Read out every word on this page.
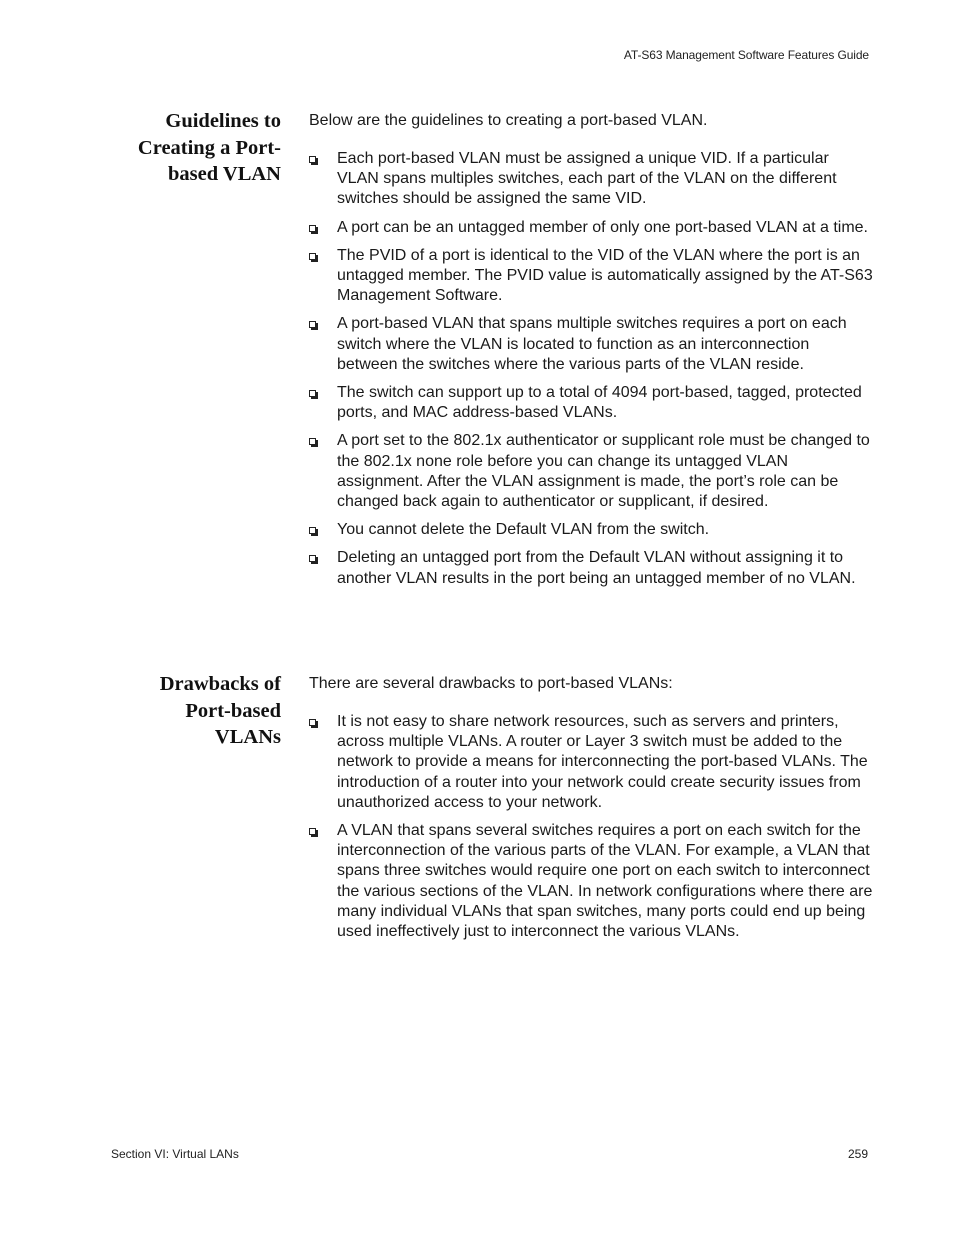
AT-S63 Management Software Features Guide
Guidelines to
Creating a Port-
based VLAN

Below are the guidelines to creating a port-based VLAN.

Each port-based VLAN must be assigned a unique VID. If a particular VLAN spans multiples switches, each part of the VLAN on the different switches should be assigned the same VID.
A port can be an untagged member of only one port-based VLAN at a time.
The PVID of a port is identical to the VID of the VLAN where the port is an untagged member. The PVID value is automatically assigned by the AT-S63 Management Software.
A port-based VLAN that spans multiple switches requires a port on each switch where the VLAN is located to function as an interconnection between the switches where the various parts of the VLAN reside.
The switch can support up to a total of 4094 port-based, tagged, protected ports, and MAC address-based VLANs.
A port set to the 802.1x authenticator or supplicant role must be changed to the 802.1x none role before you can change its untagged VLAN assignment. After the VLAN assignment is made, the port’s role can be changed back again to authenticator or supplicant, if desired.
You cannot delete the Default VLAN from the switch.
Deleting an untagged port from the Default VLAN without assigning it to another VLAN results in the port being an untagged member of no VLAN.
Drawbacks of
Port-based
VLANs

There are several drawbacks to port-based VLANs:

It is not easy to share network resources, such as servers and printers, across multiple VLANs. A router or Layer 3 switch must be added to the network to provide a means for interconnecting the port-based VLANs. The introduction of a router into your network could create security issues from unauthorized access to your network.
A VLAN that spans several switches requires a port on each switch for the interconnection of the various parts of the VLAN. For example, a VLAN that spans three switches would require one port on each switch to interconnect the various sections of the VLAN. In network configurations where there are many individual VLANs that span switches, many ports could end up being used ineffectively just to interconnect the various VLANs.
Section VI: Virtual LANs	259
